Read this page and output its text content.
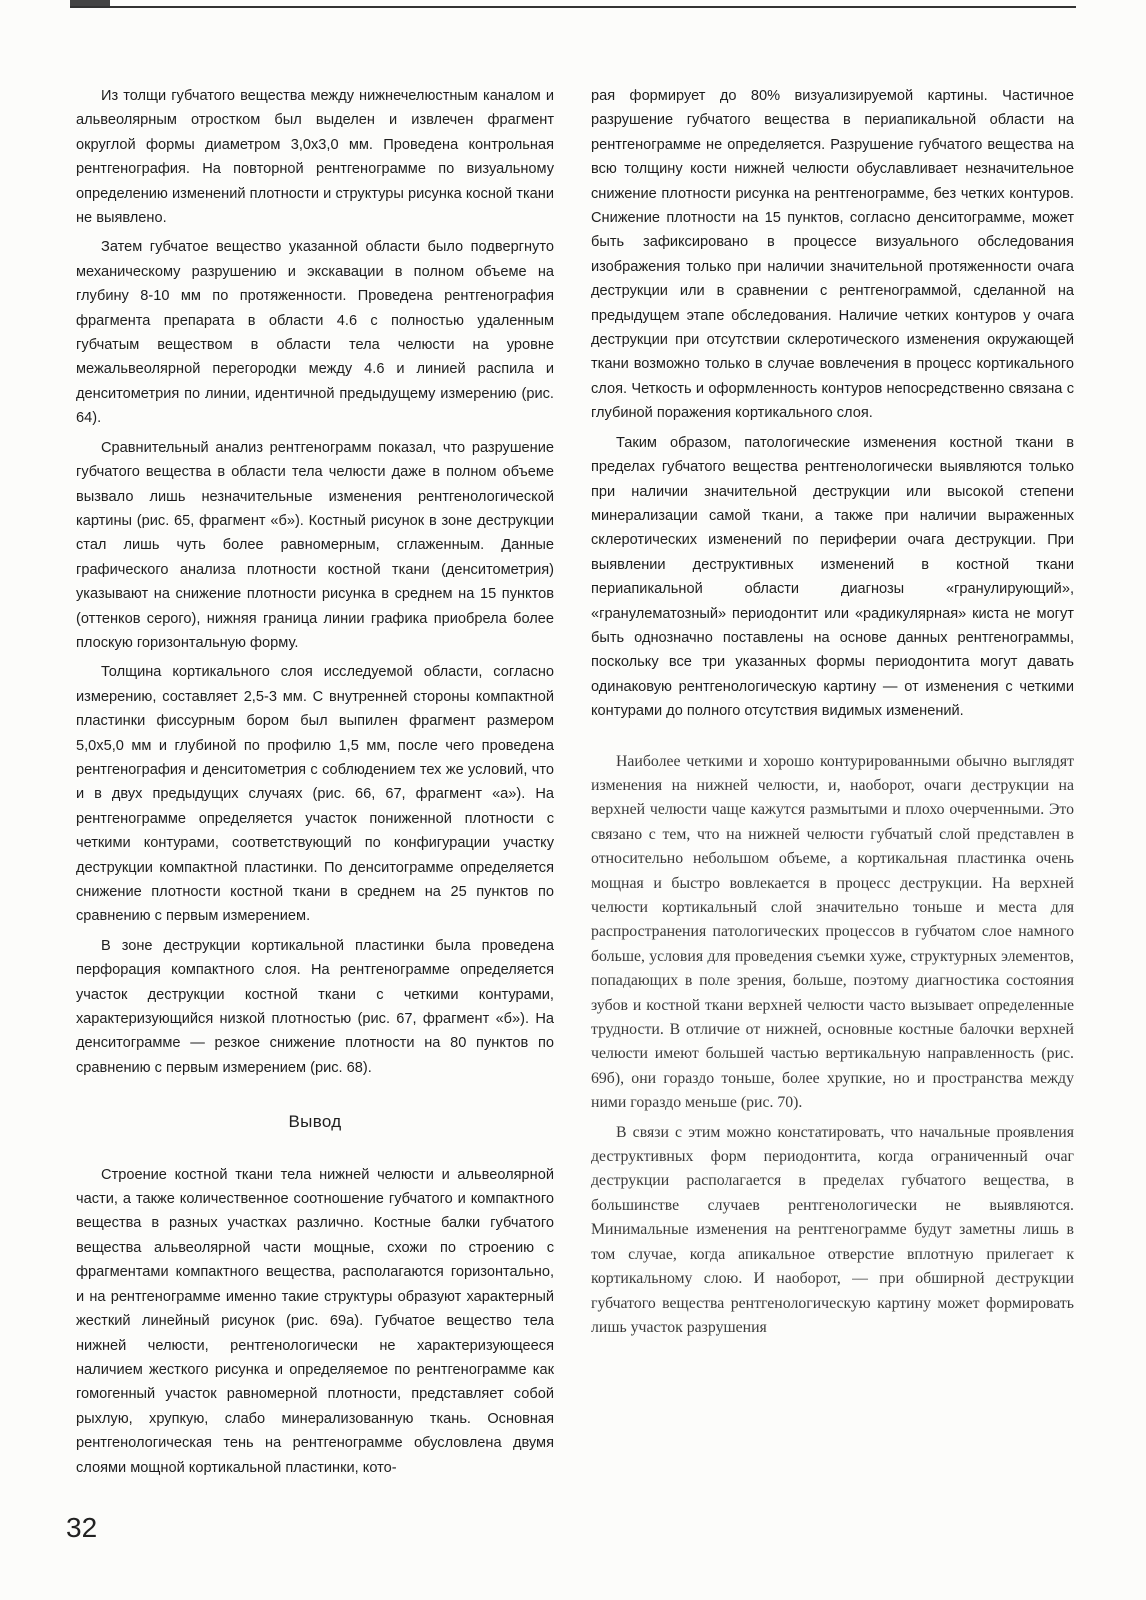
Из толщи губчатого вещества между нижнечелюстным каналом и альвеолярным отростком был выделен и извлечен фрагмент округлой формы диаметром 3,0х3,0 мм. Проведена контрольная рентгенография. На повторной рентгенограмме по визуальному определению изменений плотности и структуры рисунка косной ткани не выявлено.

Затем губчатое вещество указанной области было подвергнуто механическому разрушению и экскавации в полном объеме на глубину 8-10 мм по протяженности. Проведена рентгенография фрагмента препарата в области 4.6 с полностью удаленным губчатым веществом в области тела челюсти на уровне межальвеолярной перегородки между 4.6 и линией распила и денситометрия по линии, идентичной предыдущему измерению (рис. 64).

Сравнительный анализ рентгенограмм показал, что разрушение губчатого вещества в области тела челюсти даже в полном объеме вызвало лишь незначительные изменения рентгенологической картины (рис. 65, фрагмент «б»). Костный рисунок в зоне деструкции стал лишь чуть более равномерным, сглаженным. Данные графического анализа плотности костной ткани (денситометрия) указывают на снижение плотности рисунка в среднем на 15 пунктов (оттенков серого), нижняя граница линии графика приобрела более плоскую горизонтальную форму.

Толщина кортикального слоя исследуемой области, согласно измерению, составляет 2,5-3 мм. С внутренней стороны компактной пластинки фиссурным бором был выпилен фрагмент размером 5,0х5,0 мм и глубиной по профилю 1,5 мм, после чего проведена рентгенография и денситометрия с соблюдением тех же условий, что и в двух предыдущих случаях (рис. 66, 67, фрагмент «а»). На рентгенограмме определяется участок пониженной плотности с четкими контурами, соответствующий по конфигурации участку деструкции компактной пластинки. По денситограмме определяется снижение плотности костной ткани в среднем на 25 пунктов по сравнению с первым измерением.

В зоне деструкции кортикальной пластинки была проведена перфорация компактного слоя. На рентгенограмме определяется участок деструкции костной ткани с четкими контурами, характеризующийся низкой плотностью (рис. 67, фрагмент «б»). На денситограмме — резкое снижение плотности на 80 пунктов по сравнению с первым измерением (рис. 68).

Вывод

Строение костной ткани тела нижней челюсти и альвеолярной части, а также количественное соотношение губчатого и компактного вещества в разных участках различно. Костные балки губчатого вещества альвеолярной части мощные, схожи по строению с фрагментами компактного вещества, располагаются горизонтально, и на рентгенограмме именно такие структуры образуют характерный жесткий линейный рисунок (рис. 69а). Губчатое вещество тела нижней челюсти, рентгенологически не характеризующееся наличием жесткого рисунка и определяемое по рентгенограмме как гомогенный участок равномерной плотности, представляет собой рыхлую, хрупкую, слабо минерализованную ткань. Основная рентгенологическая тень на рентгенограмме обусловлена двумя слоями мощной кортикальной пластинки, кото-

рая формирует до 80% визуализируемой картины. Частичное разрушение губчатого вещества в периапикальной области на рентгенограмме не определяется. Разрушение губчатого вещества на всю толщину кости нижней челюсти обуславливает незначительное снижение плотности рисунка на рентгенограмме, без четких контуров. Снижение плотности на 15 пунктов, согласно денситограмме, может быть зафиксировано в процессе визуального обследования изображения только при наличии значительной протяженности очага деструкции или в сравнении с рентгенограммой, сделанной на предыдущем этапе обследования. Наличие четких контуров у очага деструкции при отсутствии склеротического изменения окружающей ткани возможно только в случае вовлечения в процесс кортикального слоя. Четкость и оформленность контуров непосредственно связана с глубиной поражения кортикального слоя.

Таким образом, патологические изменения костной ткани в пределах губчатого вещества рентгенологически выявляются только при наличии значительной деструкции или высокой степени минерализации самой ткани, а также при наличии выраженных склеротических изменений по периферии очага деструкции. При выявлении деструктивных изменений в костной ткани периапикальной области диагнозы «гранулирующий», «гранулематозный» периодонтит или «радикулярная» киста не могут быть однозначно поставлены на основе данных рентгенограммы, поскольку все три указанных формы периодонтита могут давать одинаковую рентгенологическую картину — от изменения с четкими контурами до полного отсутствия видимых изменений.

Наиболее четкими и хорошо контурированными обычно выглядят изменения на нижней челюсти, и, наоборот, очаги деструкции на верхней челюсти чаще кажутся размытыми и плохо очерченными. Это связано с тем, что на нижней челюсти губчатый слой представлен в относительно небольшом объеме, а кортикальная пластинка очень мощная и быстро вовлекается в процесс деструкции. На верхней челюсти кортикальный слой значительно тоньше и места для распространения патологических процессов в губчатом слое намного больше, условия для проведения съемки хуже, структурных элементов, попадающих в поле зрения, больше, поэтому диагностика состояния зубов и костной ткани верхней челюсти часто вызывает определенные трудности. В отличие от нижней, основные костные балочки верхней челюсти имеют большей частью вертикальную направленность (рис. 69б), они гораздо тоньше, более хрупкие, но и пространства между ними гораздо меньше (рис. 70).

В связи с этим можно констатировать, что начальные проявления деструктивных форм периодонтита, когда ограниченный очаг деструкции располагается в пределах губчатого вещества, в большинстве случаев рентгенологически не выявляются. Минимальные изменения на рентгенограмме будут заметны лишь в том случае, когда апикальное отверстие вплотную прилегает к кортикальному слою. И наоборот, — при обширной деструкции губчатого вещества рентгенологическую картину может формировать лишь участок разрушения

32
